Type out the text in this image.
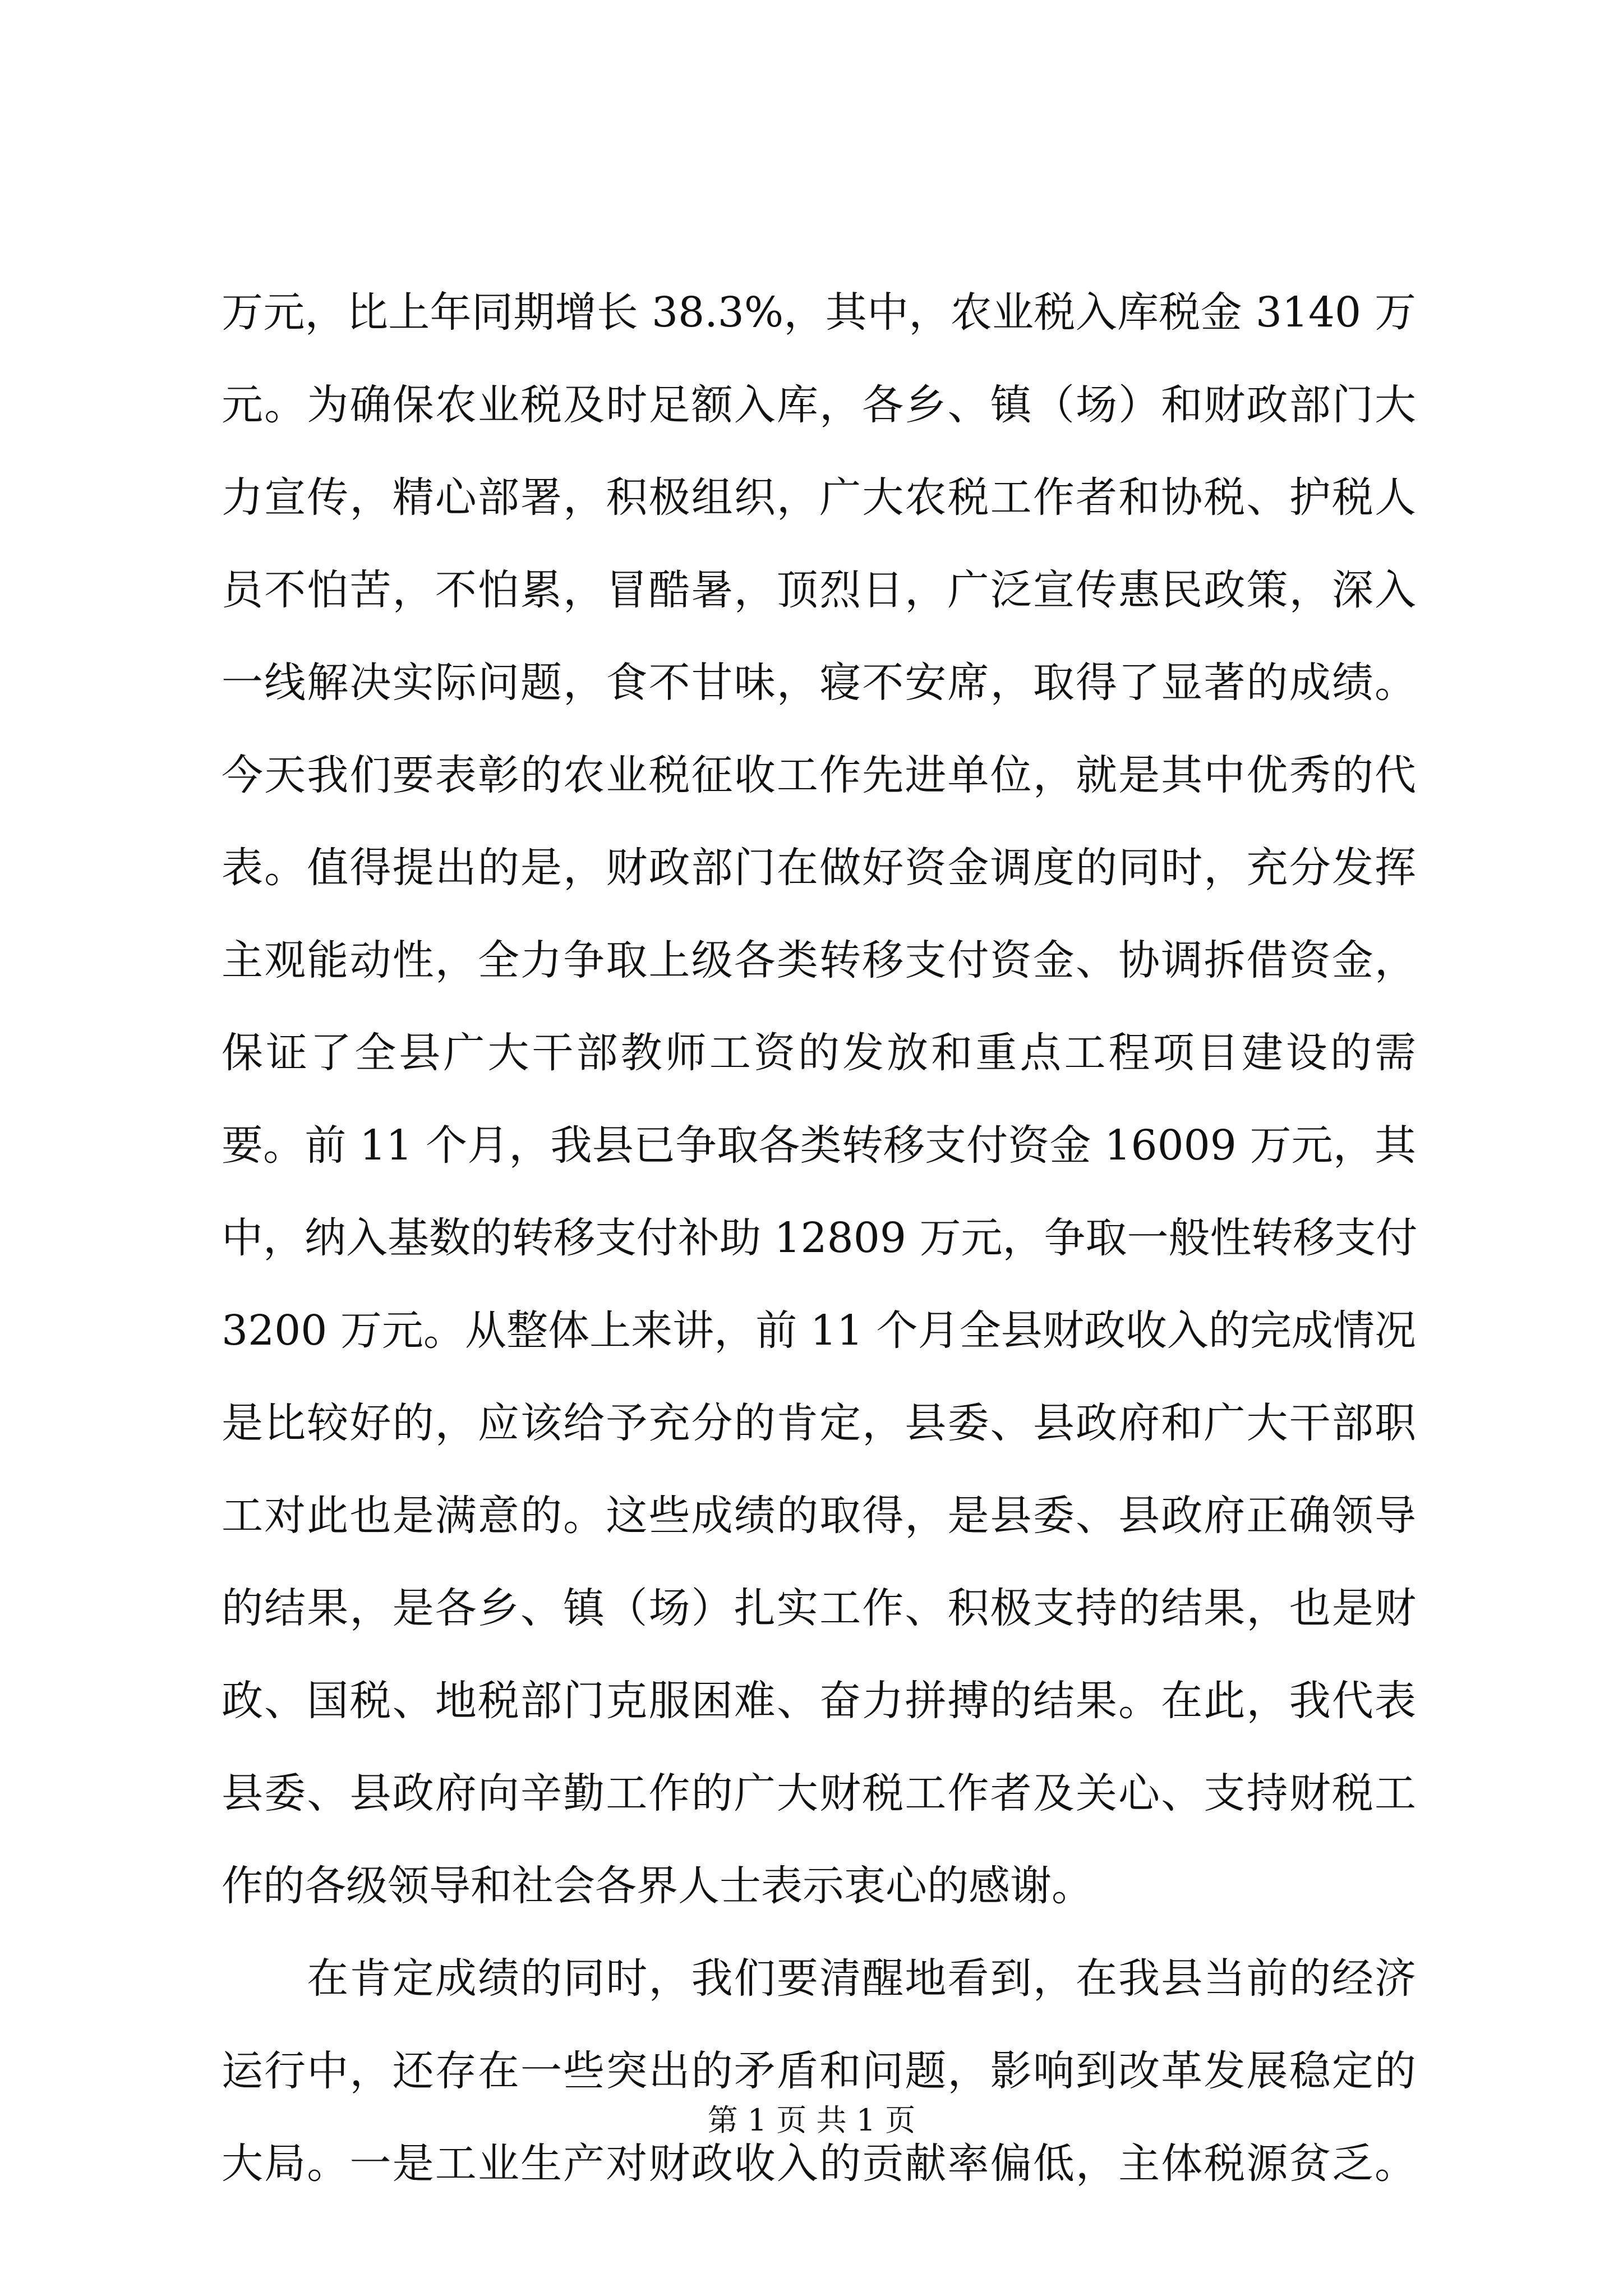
万元，比上年同期增长 38.3%，其中，农业税入库税金 3140 万
元。为确保农业税及时足额入库，各乡、镇（场）和财政部门大
力宣传，精心部署，积极组织，广大农税工作者和协税、护税人
员不怕苦，不怕累，冒酷暑，顶烈日，广泛宣传惠民政策，深入
一线解决实际问题，食不甘味，寝不安席，取得了显著的成绩。
今天我们要表彰的农业税征收工作先进单位，就是其中优秀的代
表。值得提出的是，财政部门在做好资金调度的同时，充分发挥
主观能动性，全力争取上级各类转移支付资金、协调拆借资金，
保证了全县广大干部教师工资的发放和重点工程项目建设的需
要。前 11 个月，我县已争取各类转移支付资金 16009 万元，其
中，纳入基数的转移支付补助 12809 万元，争取一般性转移支付
3200 万元。从整体上来讲，前 11 个月全县财政收入的完成情况
是比较好的，应该给予充分的肯定，县委、县政府和广大干部职
工对此也是满意的。这些成绩的取得，是县委、县政府正确领导
的结果，是各乡、镇（场）扎实工作、积极支持的结果，也是财
政、国税、地税部门克服困难、奋力拼搏的结果。在此，我代表
县委、县政府向辛勤工作的广大财税工作者及关心、支持财税工
作的各级领导和社会各界人士表示衷心的感谢。
　　在肯定成绩的同时，我们要清醒地看到，在我县当前的经济
运行中，还存在一些突出的矛盾和问题，影响到改革发展稳定的
大局。一是工业生产对财政收入的贡献率偏低，主体税源贫乏。
第 1 页 共 1 页
